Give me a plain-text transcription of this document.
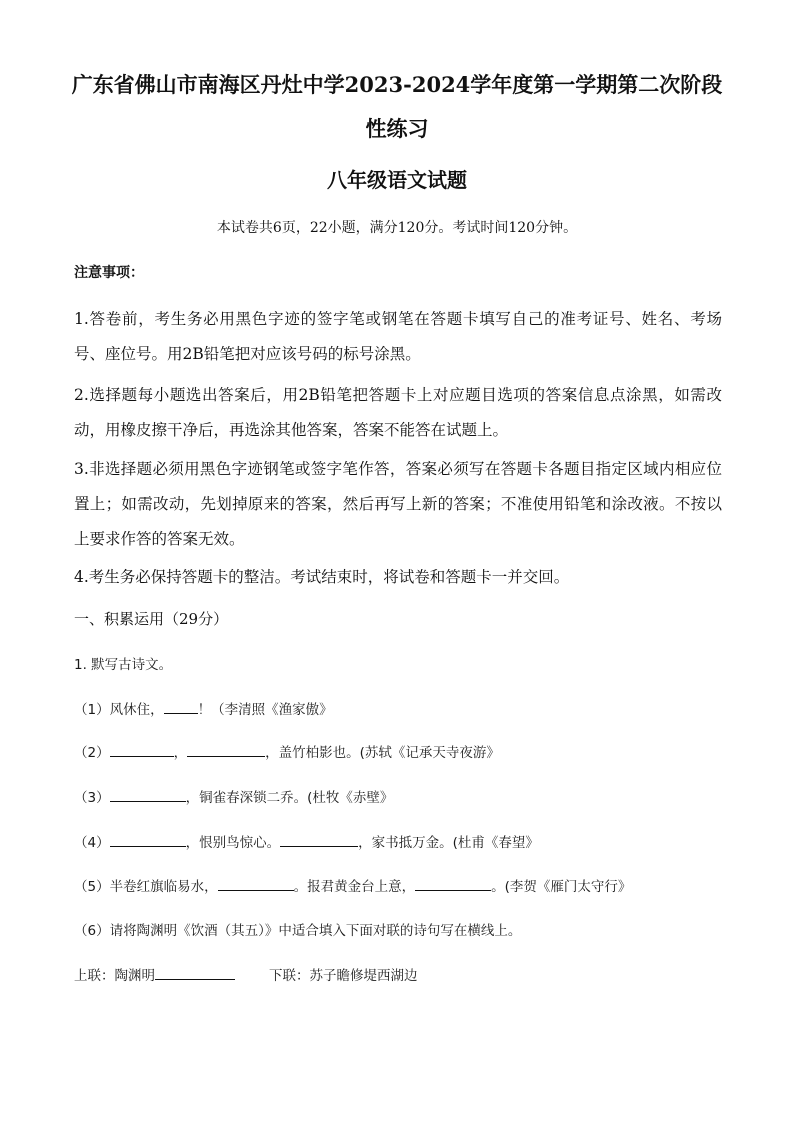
广东省佛山市南海区丹灶中学2023-2024学年度第一学期第二次阶段
性练习
八年级语文试题
本试卷共6页，22小题，满分120分。考试时间120分钟。
注意事项：
1.答卷前，考生务必用黑色字迹的签字笔或钢笔在答题卡填写自己的准考证号、姓名、考场号、座位号。用2B铅笔把对应该号码的标号涂黑。
2.选择题每小题选出答案后，用2B铅笔把答题卡上对应题目选项的答案信息点涂黑，如需改动，用橡皮擦干净后，再选涂其他答案，答案不能答在试题上。
3.非选择题必须用黑色字迹钢笔或签字笔作答，答案必须写在答题卡各题目指定区域内相应位置上；如需改动，先划掉原来的答案，然后再写上新的答案；不准使用铅笔和涂改液。不按以上要求作答的答案无效。
4.考生务必保持答题卡的整洁。考试结束时，将试卷和答题卡一并交回。
一、积累运用（29分）
1. 默写古诗文。
（1）风休住，	！（李清照《渔家傲》
（2）	，	，盖竹柏影也。(苏轼《记承天寺夜游》
（3）	，铜雀春深锁二乔。(杜牧《赤壁》
（4）	，恨别鸟惊心。	，家书抵万金。(杜甫《春望》
（5）半卷红旗临易水，	。报君黄金台上意，	。(李贺《雁门太守行》
（6）请将陶渊明《饮酒（其五）》中适合填入下面对联的诗句写在横线上。
上联：陶渊明	下联：苏子瞻修堤西湖边
